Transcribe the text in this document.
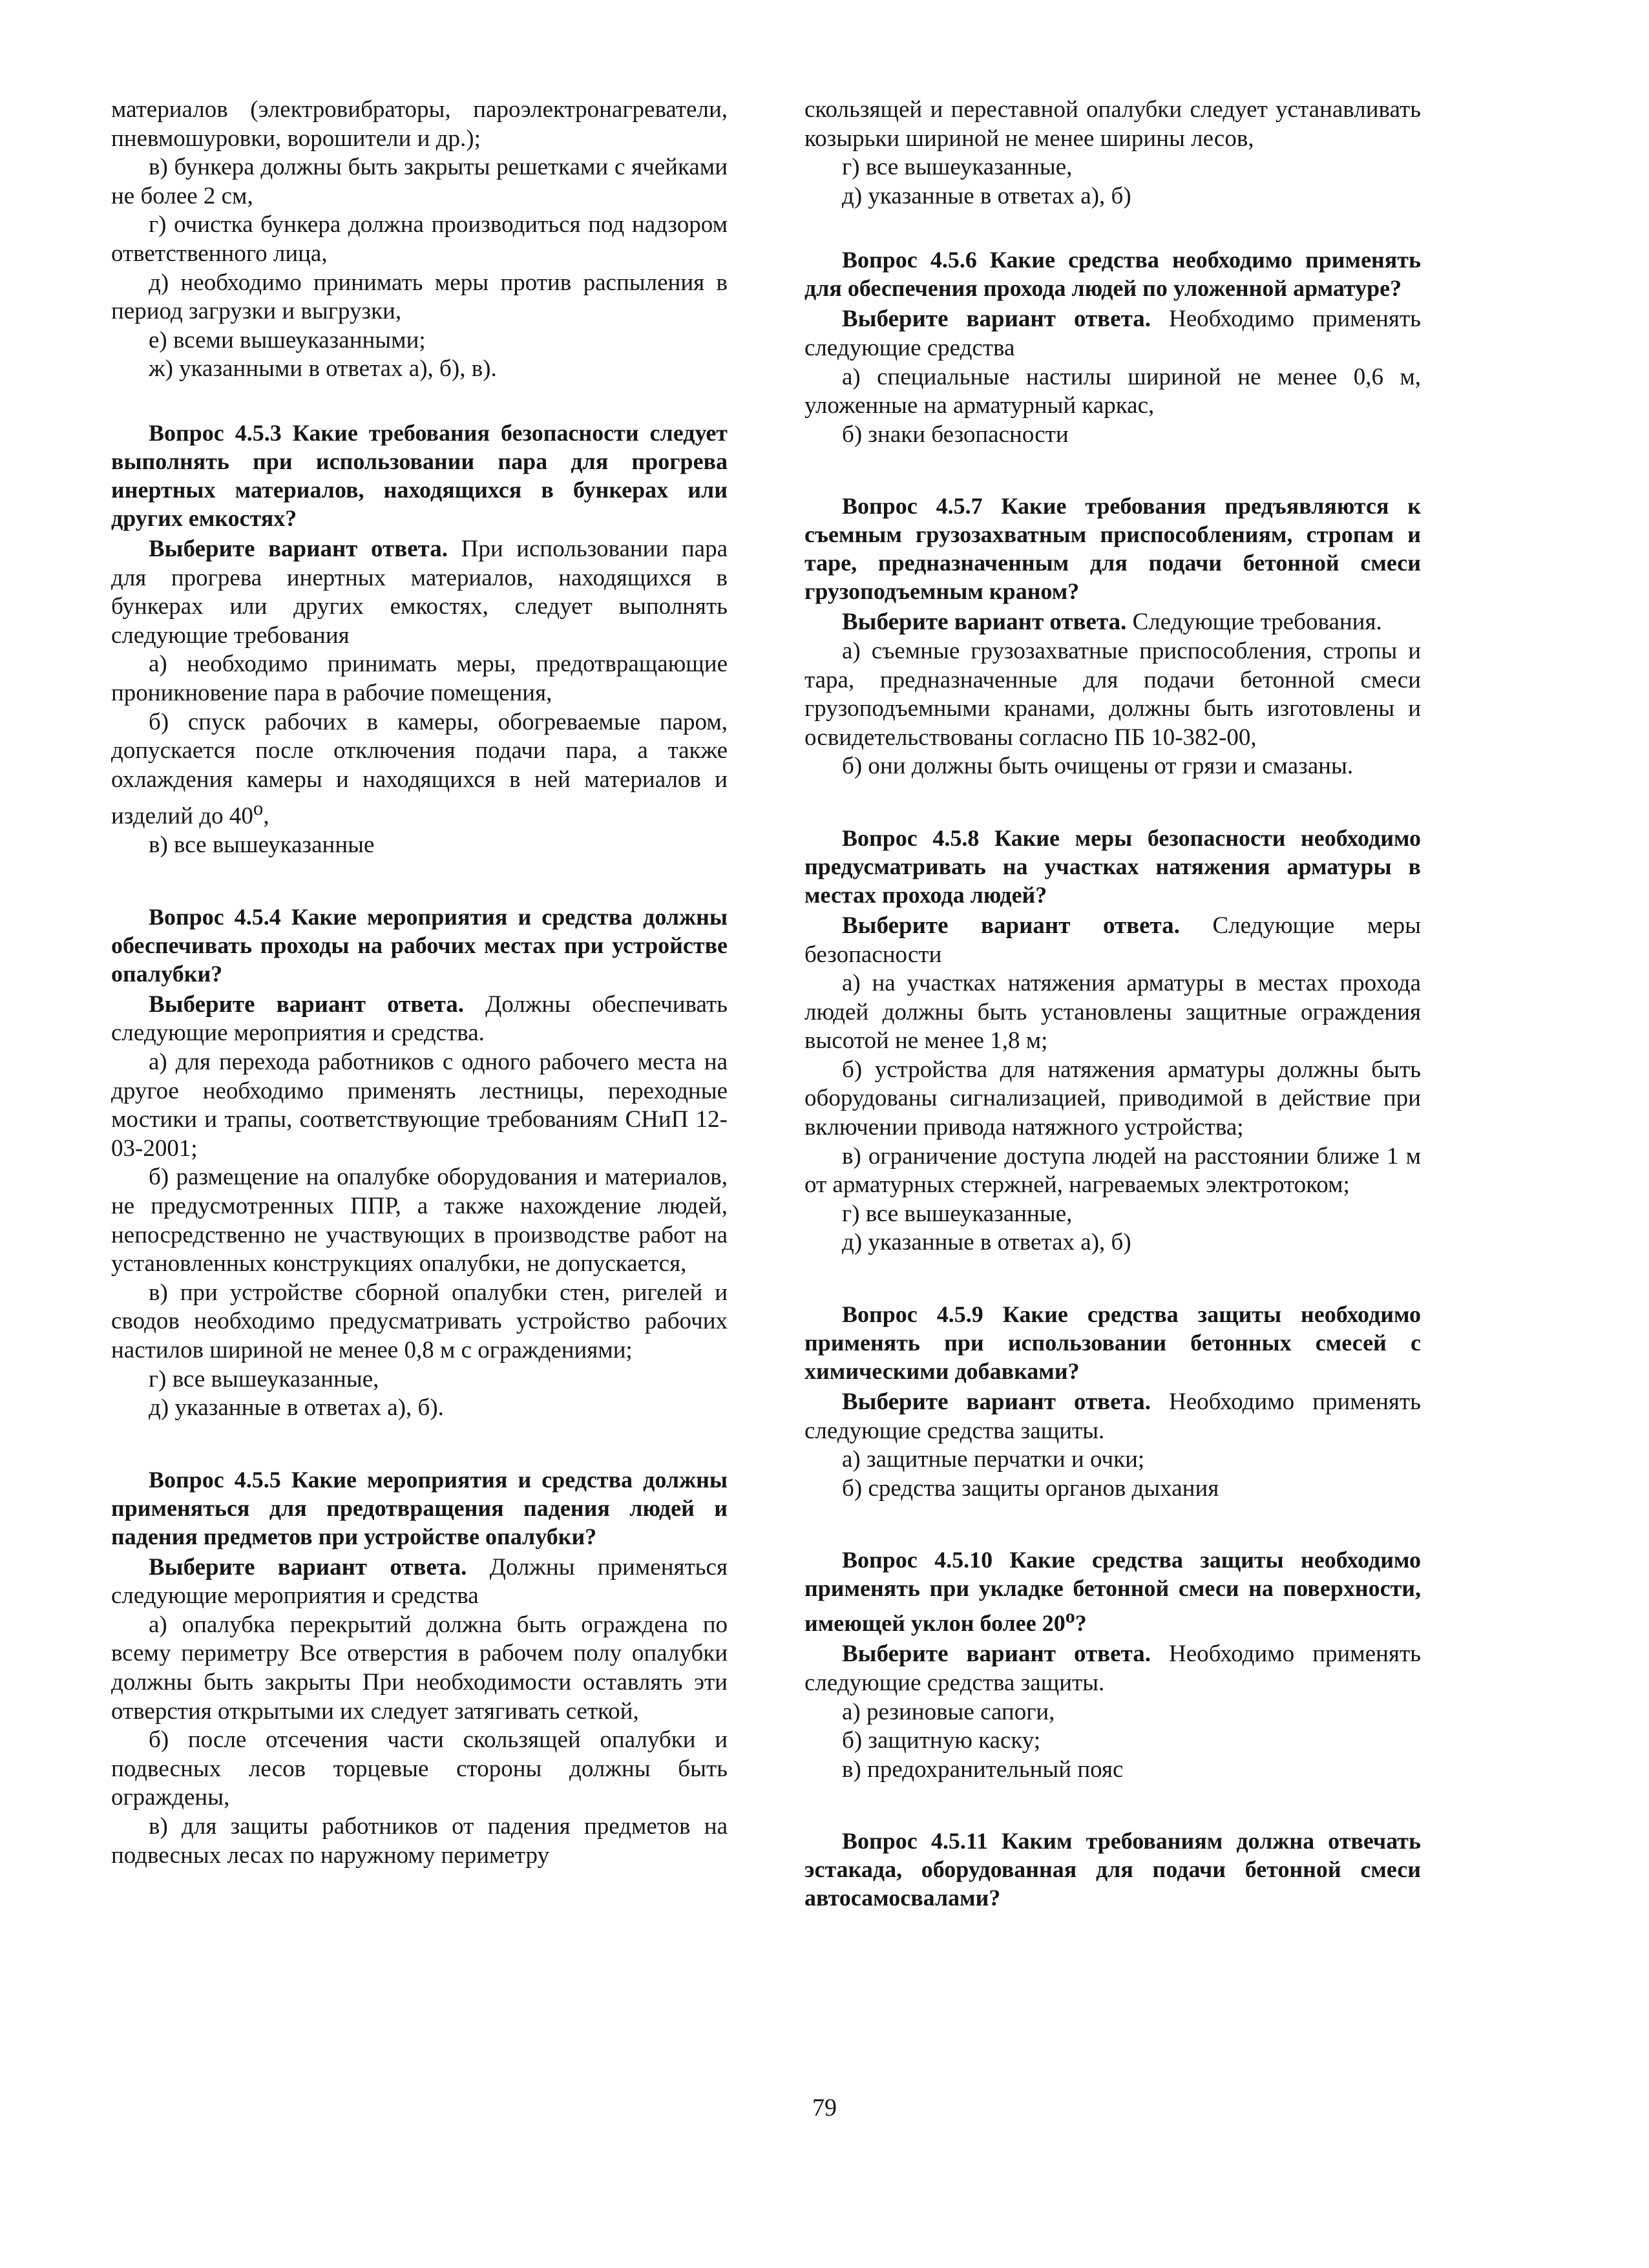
материалов (электровибраторы, пароэлектронагреватели, пневмошуровки, ворошители и др.);

в) бункера должны быть закрыты решетками с ячейками не более 2 см,

г) очистка бункера должна производиться под надзором ответственного лица,

д) необходимо принимать меры против распыления в период загрузки и выгрузки,

е) всеми вышеуказанными;

ж) указанными в ответах а), б), в).

Вопрос 4.5.3 Какие требования безопасности следует выполнять при использовании пара для прогрева инертных материалов, находящихся в бункерах или других емкостях?

Выберите вариант ответа. При использовании пара для прогрева инертных материалов, находящихся в бункерах или других емкостях, следует выполнять следующие требования

а) необходимо принимать меры, предотвращающие проникновение пара в рабочие помещения,

б) спуск рабочих в камеры, обогреваемые паром, допускается после отключения подачи пара, а также охлаждения камеры и находящихся в ней материалов и изделий до $40^о$,

в) все вышеуказанные

Вопрос 4.5.4 Какие мероприятия и средства должны обеспечивать проходы на рабочих местах при устройстве опалубки?

Выберите вариант ответа. Должны обеспечивать следующие мероприятия и средства.

а) для перехода работников с одного рабочего места на другое необходимо применять лестницы, переходные мостики и трапы, соответствующие требованиям СНиП 12-03-2001;

б) размещение на опалубке оборудования и материалов, не предусмотренных ППР, а также нахождение людей, непосредственно не участвующих в производстве работ на установленных конструкциях опалубки, не допускается,

в) при устройстве сборной опалубки стен, ригелей и сводов необходимо предусматривать устройство рабочих настилов шириной не менее 0,8 м с ограждениями;

г) все вышеуказанные,

д) указанные в ответах а), б).

Вопрос 4.5.5 Какие мероприятия и средства должны применяться для предотвращения падения людей и падения предметов при устройстве опалубки?

Выберите вариант ответа. Должны применяться следующие мероприятия и средства

а) опалубка перекрытий должна быть ограждена по всему периметру Все отверстия в рабочем полу опалубки должны быть закрыты При необходимости оставлять эти отверстия открытыми их следует затягивать сеткой,

б) после отсечения части скользящей опалубки и подвесных лесов торцевые стороны должны быть ограждены,

в) для защиты работников от падения предметов на подвесных лесах по наружному периметру

скользящей и переставной опалубки следует устанавливать козырьки шириной не менее ширины лесов,

г) все вышеуказанные,

д) указанные в ответах а), б)

Вопрос 4.5.6 Какие средства необходимо применять для обеспечения прохода людей по уложенной арматуре?

Выберите вариант ответа. Необходимо применять следующие средства

а) специальные настилы шириной не менее 0,6 м, уложенные на арматурный каркас,

б) знаки безопасности

Вопрос 4.5.7 Какие требования предъявляются к съемным грузозахватным приспособлениям, стропам и таре, предназначенным для подачи бетонной смеси грузоподъемным краном?

Выберите вариант ответа. Следующие требования.

а) съемные грузозахватные приспособления, стропы и тара, предназначенные для подачи бетонной смеси грузоподъемными кранами, должны быть изготовлены и освидетельствованы согласно ПБ 10-382-00,

б) они должны быть очищены от грязи и смазаны.

Вопрос 4.5.8 Какие меры безопасности необходимо предусматривать на участках натяжения арматуры в местах прохода людей?

Выберите вариант ответа. Следующие меры безопасности

а) на участках натяжения арматуры в местах прохода людей должны быть установлены защитные ограждения высотой не менее 1,8 м;

б) устройства для натяжения арматуры должны быть оборудованы сигнализацией, приводимой в действие при включении привода натяжного устройства;

в) ограничение доступа людей на расстоянии ближе 1 м от арматурных стержней, нагреваемых электротоком;

г) все вышеуказанные,

д) указанные в ответах а), б)

Вопрос 4.5.9 Какие средства защиты необходимо применять при использовании бетонных смесей с химическими добавками?

Выберите вариант ответа. Необходимо применять следующие средства защиты.

а) защитные перчатки и очки;

б) средства защиты органов дыхания

Вопрос 4.5.10 Какие средства защиты необходимо применять при укладке бетонной смеси на поверхности, имеющей уклон более $20^о$?

Выберите вариант ответа. Необходимо применять следующие средства защиты.

а) резиновые сапоги,

б) защитную каску;

в) предохранительный пояс

Вопрос 4.5.11 Каким требованиям должна отвечать эстакада, оборудованная для подачи бетонной смеси автосамосвалами?

79
